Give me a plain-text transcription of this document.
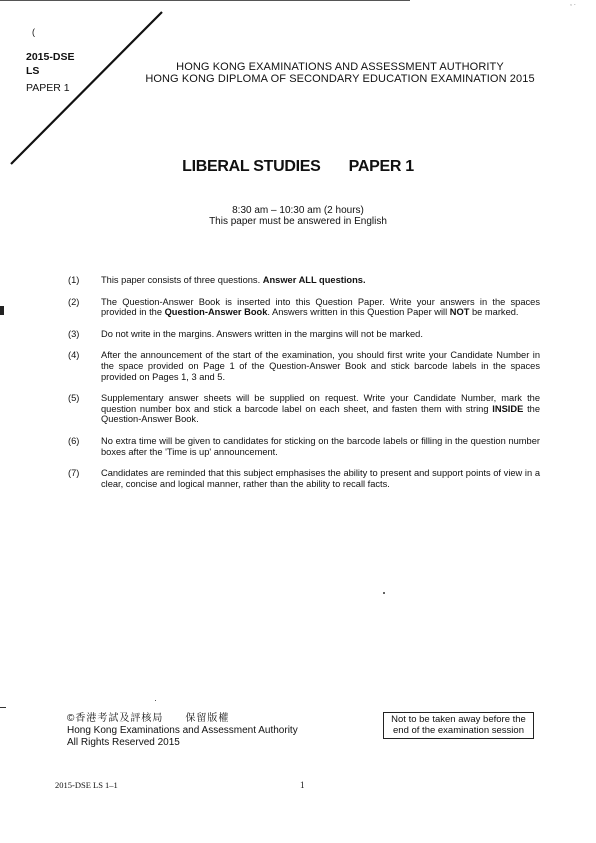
, .
(
2015-DSE
LS
PAPER 1
HONG KONG EXAMINATIONS AND ASSESSMENT AUTHORITY
HONG KONG DIPLOMA OF SECONDARY EDUCATION EXAMINATION 2015
LIBERAL STUDIES PAPER 1
8:30 am – 10:30 am (2 hours)
This paper must be answered in English
(1)	This paper consists of three questions. Answer ALL questions.
(2)	The Question-Answer Book is inserted into this Question Paper. Write your answers in the spaces provided in the Question-Answer Book. Answers written in this Question Paper will NOT be marked.
(3)	Do not write in the margins. Answers written in the margins will not be marked.
(4)	After the announcement of the start of the examination, you should first write your Candidate Number in the space provided on Page 1 of the Question-Answer Book and stick barcode labels in the spaces provided on Pages 1, 3 and 5.
(5)	Supplementary answer sheets will be supplied on request. Write your Candidate Number, mark the question number box and stick a barcode label on each sheet, and fasten them with string INSIDE the Question-Answer Book.
(6)	No extra time will be given to candidates for sticking on the barcode labels or filling in the question number boxes after the 'Time is up' announcement.
(7)	Candidates are reminded that this subject emphasises the ability to present and support points of view in a clear, concise and logical manner, rather than the ability to recall facts.
©香港考試及評核局　　保留版權
Hong Kong Examinations and Assessment Authority
All Rights Reserved 2015
Not to be taken away before the
end of the examination session
2015-DSE LS 1–1	1
